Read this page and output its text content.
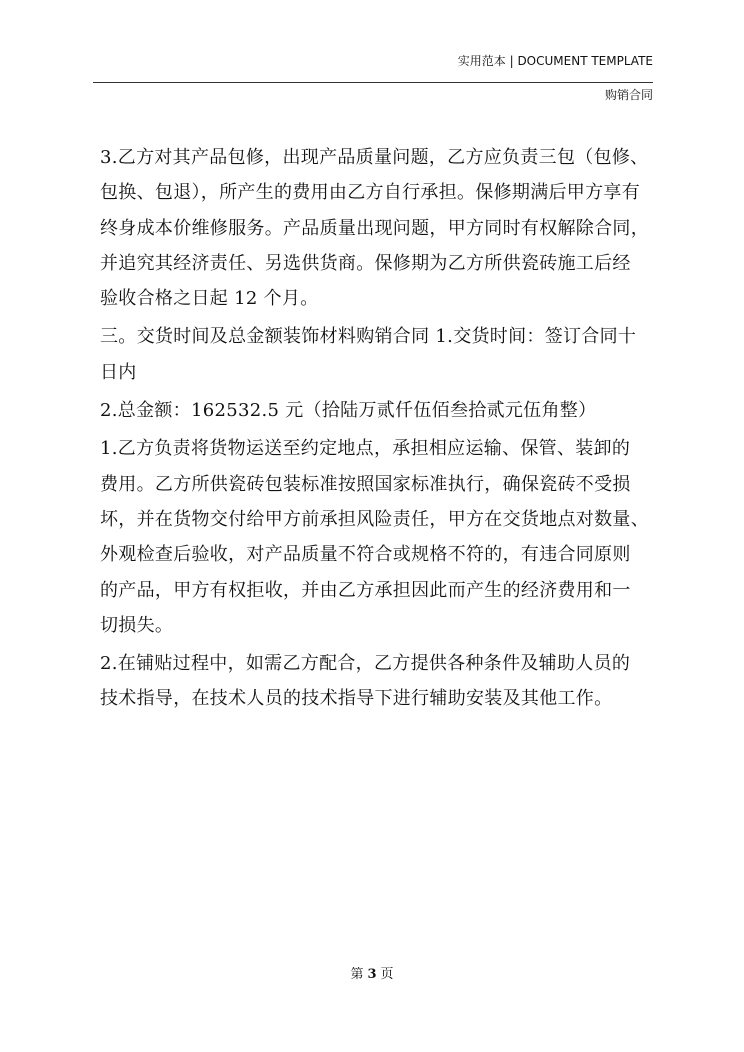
实用范本 | DOCUMENT TEMPLATE
购销合同

3.乙方对其产品包修，出现产品质量问题，乙方应负责三包（包修、
包换、包退），所产生的费用由乙方自行承担。保修期满后甲方享有
终身成本价维修服务。产品质量出现问题，甲方同时有权解除合同，
并追究其经济责任、另选供货商。保修期为乙方所供瓷砖施工后经
验收合格之日起 12 个月。

三。交货时间及总金额装饰材料购销合同 1.交货时间：签订合同十
日内

2.总金额：162532.5 元（拾陆万贰仟伍佰叁拾贰元伍角整）

1.乙方负责将货物运送至约定地点，承担相应运输、保管、装卸的
费用。乙方所供瓷砖包装标准按照国家标准执行，确保瓷砖不受损
坏，并在货物交付给甲方前承担风险责任，甲方在交货地点对数量、
外观检查后验收，对产品质量不符合或规格不符的，有违合同原则
的产品，甲方有权拒收，并由乙方承担因此而产生的经济费用和一
切损失。

2.在铺贴过程中，如需乙方配合，乙方提供各种条件及辅助人员的
技术指导，在技术人员的技术指导下进行辅助安装及其他工作。

第 3 页
